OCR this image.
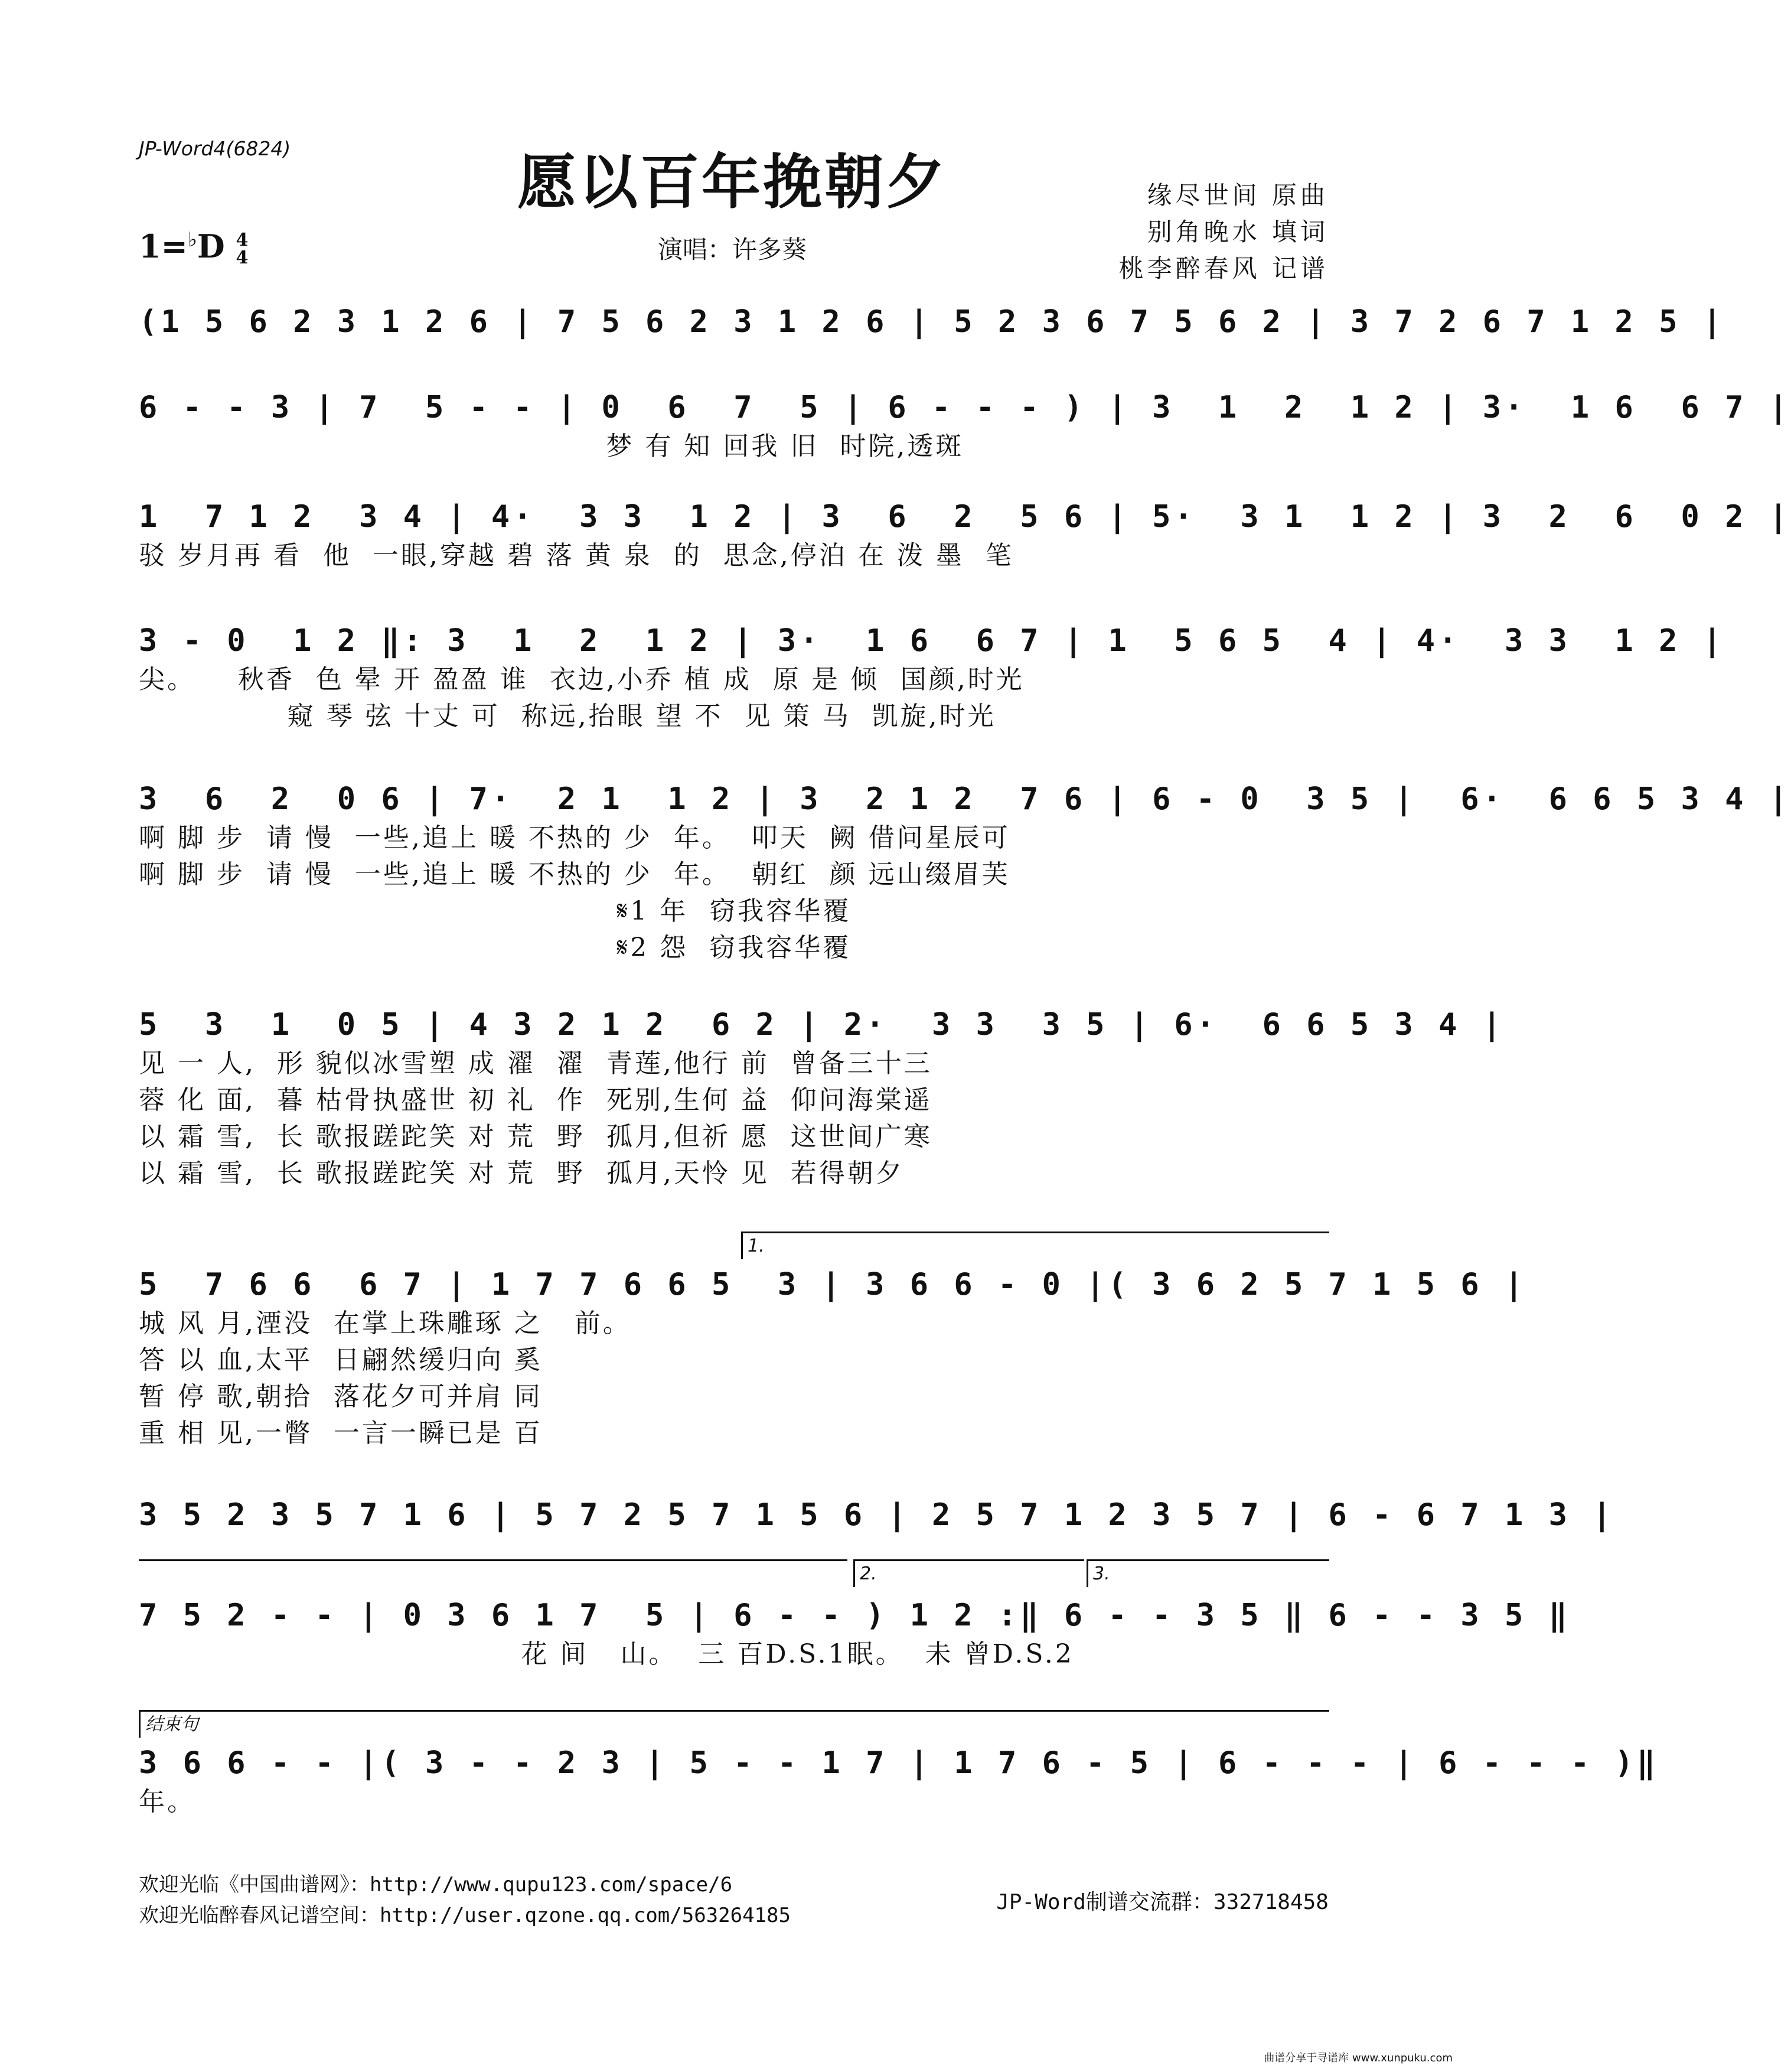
JP-Word4(6824)	愿以百年挽朝夕
演唱：许多葵
缘尽世间 原曲
别角晚水 填词
桃李醉春风 记谱
1=♭D 4
4
(1 5 6 2 3 1 2 6 | 7 5 6 2 3 1 2 6 | 5 2 3 6 7 5 6 2 | 3 7 2 6 7 1 2 5 |
6 - - 3 | 7  5 - - | 0  6  7  5 | 6 - - - ) | 3  1  2  1 2 | 3·  1 6  6 7 |
梦 有 知 回我 旧  时院,透斑
1  7 1 2  3 4 | 4·  3 3  1 2 | 3  6  2  5 6 | 5·  3 1  1 2 | 3  2  6  0 2 |
驳 岁月再 看  他  一眼,穿越 碧 落 黄 泉  的  思念,停泊 在 泼 墨  笔
3 - 0  1 2 ‖: 3  1  2  1 2 | 3·  1 6  6 7 | 1  5 6 5  4 | 4·  3 3  1 2 |
尖。    秋香  色 晕 开 盈盈 谁  衣边,小乔 植 成  原 是 倾  国颜,时光
窥 琴 弦 十丈 可  称远,抬眼 望 不  见 策 马  凯旋,时光
3  6  2  0 6 | 7·  2 1  1 2 | 3  2 1 2  7 6 | 6 - 0  3 5 |  6·  6 6 5 3 4 |
啊 脚 步  请 慢  一些,追上 暖 不热的 少  年。  叩天  阙 借问星辰可
啊 脚 步  请 慢  一些,追上 暖 不热的 少  年。  朝红  颜 远山缀眉芙
𝄋1 年  窃我容华覆
𝄋2 怨  窃我容华覆
5  3  1  0 5 | 4 3 2 1 2  6 2 | 2·  3 3  3 5 | 6·  6 6 5 3 4 |
见 一 人,  形 貌似冰雪塑 成 濯  濯  青莲,他行 前  曾备三十三
蓉 化 面,  暮 枯骨执盛世 初 礼  作  死别,生何 益  仰问海棠遥
以 霜 雪,  长 歌报蹉跎笑 对 荒  野  孤月,但祈 愿  这世间广寒
以 霜 雪,  长 歌报蹉跎笑 对 荒  野  孤月,天怜 见  若得朝夕
1.
5  7 6 6  6 7 | 1 7 7 6 6 5  3 | 3 6 6 - 0 |( 3 6 2 5 7 1 5 6 |
城 风 月,湮没  在掌上珠雕琢 之   前。
答 以 血,太平  日翩然缓归向 奚
暂 停 歌,朝拾  落花夕可并肩 同
重 相 见,一瞥  一言一瞬已是 百
3 5 2 3 5 7 1 6 | 5 7 2 5 7 1 5 6 | 2 5 7 1 2 3 5 7 | 6 - 6 7 1 3 |
2.	3.
7 5 2 - - | 0 3 6 1 7  5 | 6 - - ) 1 2 :‖ 6 - - 3 5 ‖ 6 - - 3 5 ‖
花 间   山。  三 百D.S.1眠。  未 曾D.S.2
结束句
3 6 6 - - |( 3 - - 2 3 | 5 - - 1 7 | 1 7 6 - 5 | 6 - - - | 6 - - - )‖
年。
欢迎光临《中国曲谱网》：http://www.qupu123.com/space/6
欢迎光临醉春风记谱空间：http://user.qzone.qq.com/563264185
JP-Word制谱交流群：332718458
曲谱分享于寻谱库 www.xunpuku.com
